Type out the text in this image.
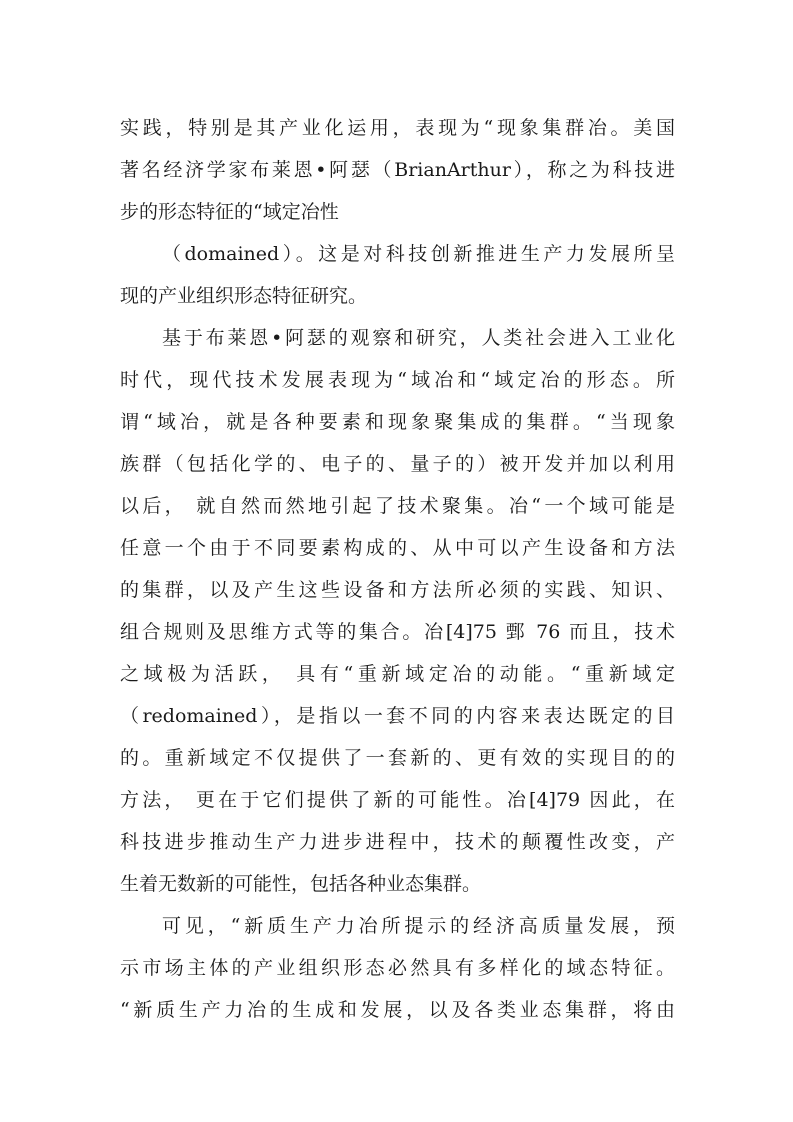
实践，特别是其产业化运用，表现为“现象集群冶。美国
著名经济学家布莱恩•阿瑟（BrianArthur），称之为科技进
步的形态特征的“域定冶性
（domained）。这是对科技创新推进生产力发展所呈
现的产业组织形态特征研究。
基于布莱恩•阿瑟的观察和研究，人类社会进入工业化
时代，现代技术发展表现为“域冶和“域定冶的形态。所
谓“域冶，就是各种要素和现象聚集成的集群。“当现象
族群（包括化学的、电子的、量子的）被开发并加以利用
以后， 就自然而然地引起了技术聚集。冶“一个域可能是
任意一个由于不同要素构成的、从中可以产生设备和方法
的集群，以及产生这些设备和方法所必须的实践、知识、
组合规则及思维方式等的集合。冶[4]75 鄄 76 而且，技术
之域极为活跃， 具有“重新域定冶的动能。“重新域定
（redomained），是指以一套不同的内容来表达既定的目
的。重新域定不仅提供了一套新的、更有效的实现目的的
方法， 更在于它们提供了新的可能性。冶[4]79 因此，在
科技进步推动生产力进步进程中，技术的颠覆性改变，产
生着无数新的可能性，包括各种业态集群。
可见，“新质生产力冶所提示的经济高质量发展，预
示市场主体的产业组织形态必然具有多样化的域态特征。
“新质生产力冶的生成和发展，以及各类业态集群，将由
